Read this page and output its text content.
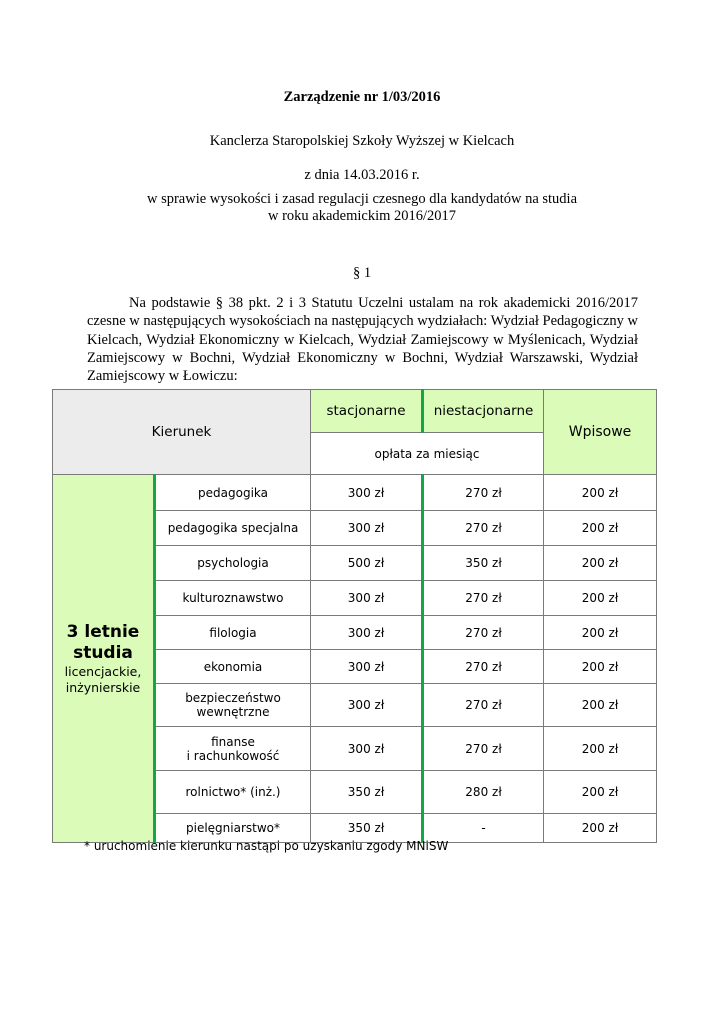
Zarządzenie nr 1/03/2016
Kanclerza Staropolskiej Szkoły Wyższej w Kielcach
z dnia 14.03.2016 r.
w sprawie wysokości i zasad regulacji czesnego dla kandydatów na studia
w roku akademickim 2016/2017
§ 1
Na podstawie § 38 pkt. 2 i 3 Statutu Uczelni ustalam na rok akademicki 2016/2017 czesne w następujących wysokościach na następujących wydziałach: Wydział Pedagogiczny w Kielcach, Wydział Ekonomiczny w Kielcach, Wydział Zamiejscowy w Myślenicach, Wydział Zamiejscowy w Bochni, Wydział Ekonomiczny w Bochni, Wydział Warszawski, Wydział Zamiejscowy w Łowiczu:
Kierunek		stacjonarne	niestacjonarne	Wpisowe
		opłata za miesiąc		

3 letnie
studia
licencjackie,
inżynierskie	pedagogika	300 zł	270 zł	200 zł
	pedagogika specjalna	300 zł	270 zł	200 zł
	psychologia	500 zł	350 zł	200 zł
	kulturoznawstwo	300 zł	270 zł	200 zł
	filologia	300 zł	270 zł	200 zł
	ekonomia	300 zł	270 zł	200 zł

	bezpieczeństwo
wewnętrzne	300 zł	270 zł	200 zł

	finanse
i rachunkowość	300 zł	270 zł	200 zł
	rolnictwo* (inż.)	350 zł	280 zł	200 zł
	pielęgniarstwo*	350 zł	-	200 zł
* uruchomienie kierunku nastąpi po uzyskaniu zgody MNiSW
